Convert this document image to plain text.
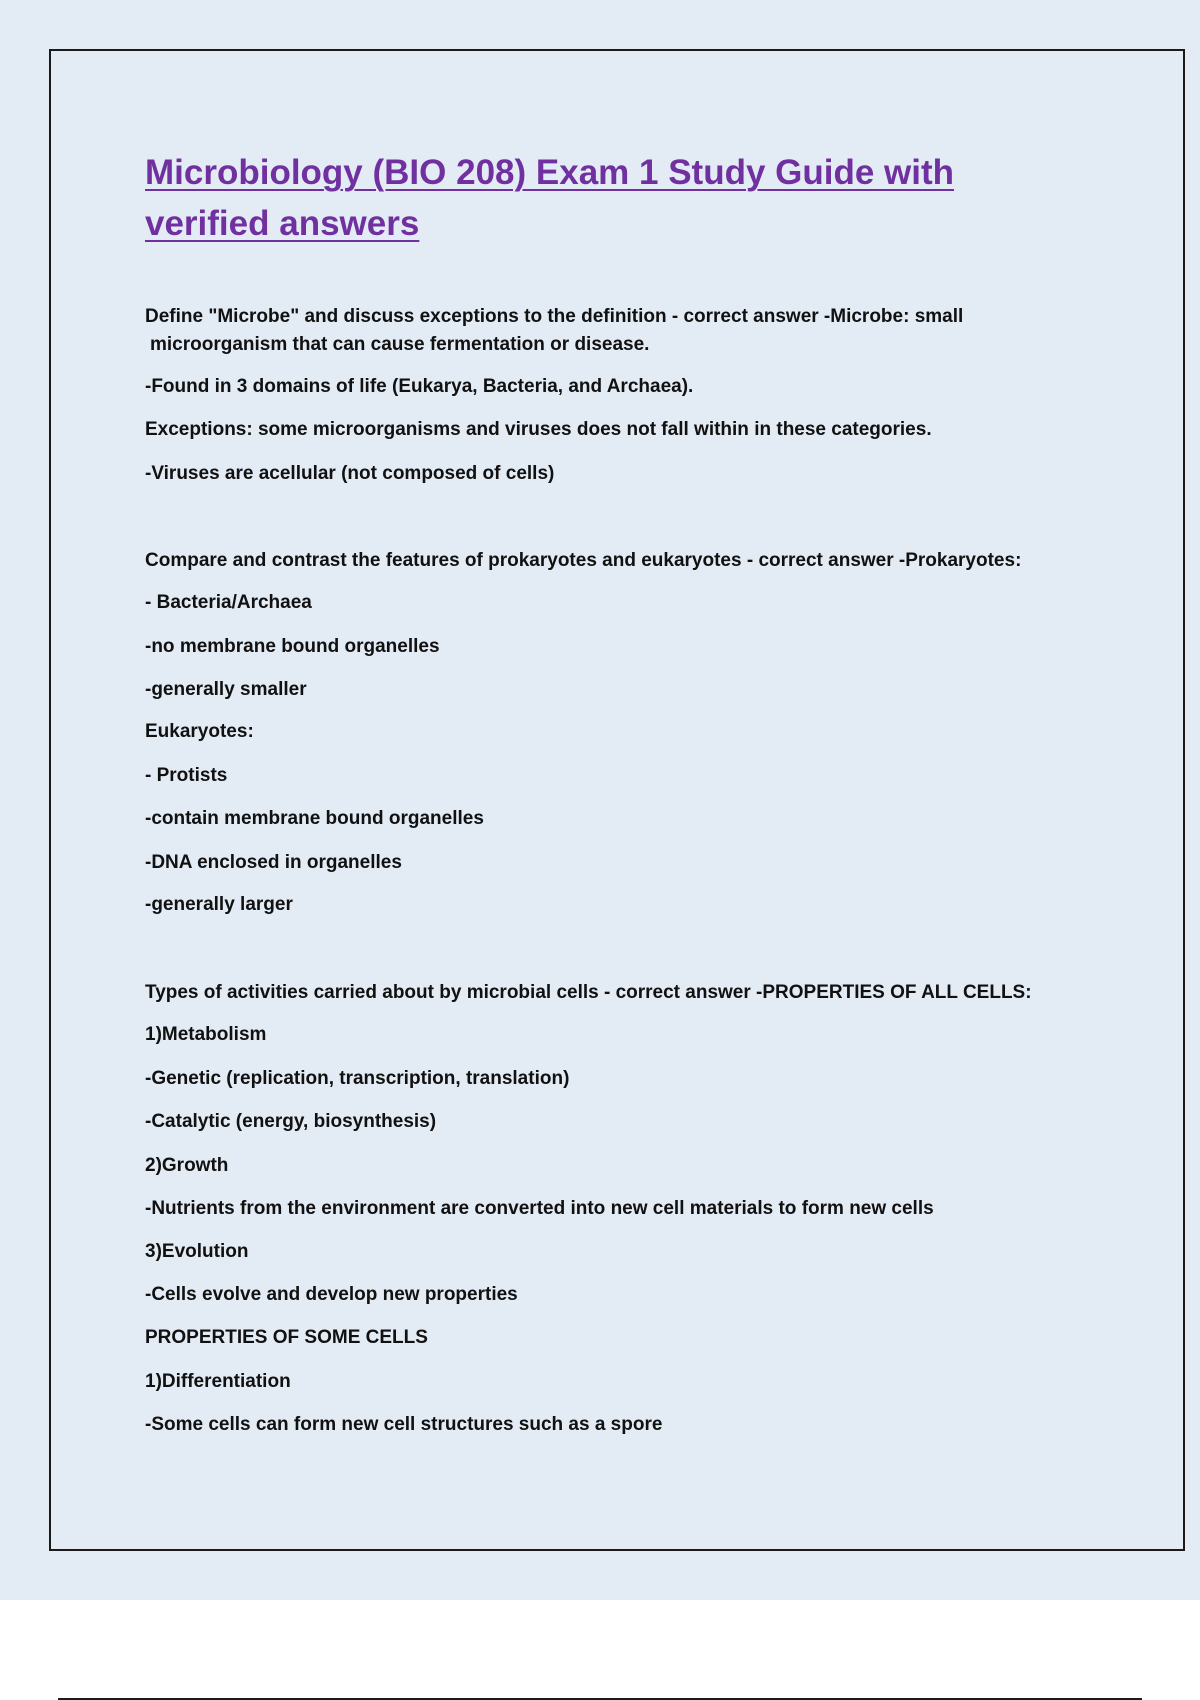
Microbiology (BIO 208) Exam 1 Study Guide with
verified answers
Define "Microbe" and discuss exceptions to the definition - correct answer -Microbe: small
microorganism that can cause fermentation or disease.
-Found in 3 domains of life (Eukarya, Bacteria, and Archaea).
Exceptions: some microorganisms and viruses does not fall within in these categories.
-Viruses are acellular (not composed of cells)
Compare and contrast the features of prokaryotes and eukaryotes - correct answer -Prokaryotes:
- Bacteria/Archaea
-no membrane bound organelles
-generally smaller
Eukaryotes:
- Protists
-contain membrane bound organelles
-DNA enclosed in organelles
-generally larger
Types of activities carried about by microbial cells - correct answer -PROPERTIES OF ALL CELLS:
1)Metabolism
-Genetic (replication, transcription, translation)
-Catalytic (energy, biosynthesis)
2)Growth
-Nutrients from the environment are converted into new cell materials to form new cells
3)Evolution
-Cells evolve and develop new properties
PROPERTIES OF SOME CELLS
1)Differentiation
-Some cells can form new cell structures such as a spore
